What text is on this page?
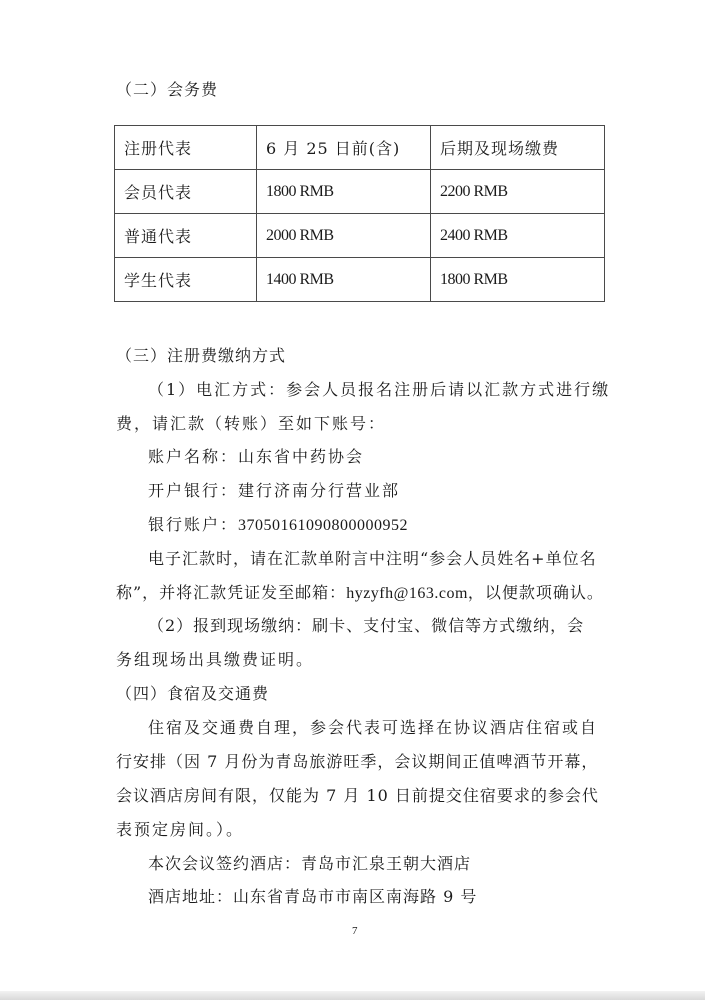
（二）会务费
注册代表	6 月 25 日前(含)	后期及现场缴费
会员代表	1800 RMB	2200 RMB
普通代表	2000 RMB	2400 RMB
学生代表	1400 RMB	1800 RMB
（三）注册费缴纳方式
（1）电汇方式：参会人员报名注册后请以汇款方式进行缴
费，请汇款（转账）至如下账号：
账户名称：山东省中药协会
开户银行：建行济南分行营业部
银行账户：37050161090800000952
电子汇款时，请在汇款单附言中注明“参会人员姓名+单位名
称”，并将汇款凭证发至邮箱：hyzyfh@163.com，以便款项确认。
（2）报到现场缴纳：刷卡、支付宝、微信等方式缴纳，会
务组现场出具缴费证明。
（四）食宿及交通费
住宿及交通费自理，参会代表可选择在协议酒店住宿或自
行安排（因 7 月份为青岛旅游旺季，会议期间正值啤酒节开幕，
会议酒店房间有限，仅能为 7 月 10 日前提交住宿要求的参会代
表预定房间。）。
本次会议签约酒店：青岛市汇泉王朝大酒店
酒店地址：山东省青岛市市南区南海路 9 号
7
